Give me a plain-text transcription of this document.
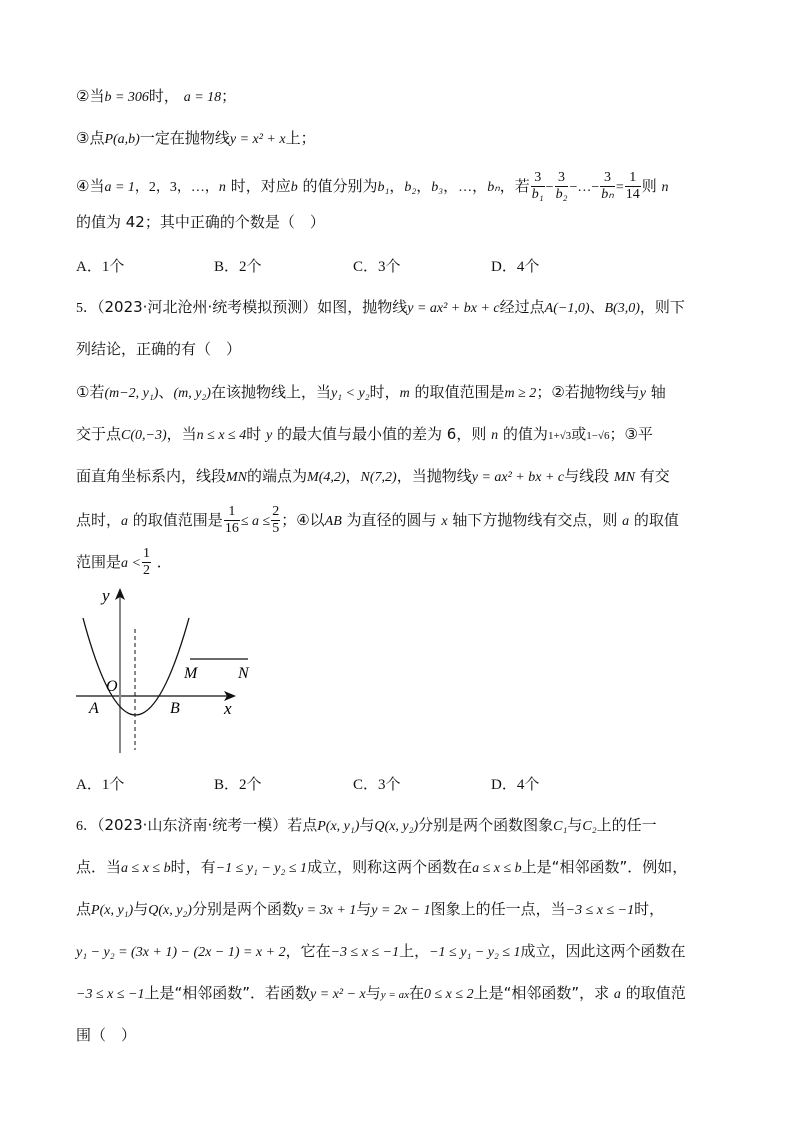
②当b = 306时， a = 18；
③点P(a,b)一定在抛物线y = x² + x上；
④当a = 1，2，3，…，n 时，对应b 的值分别为b₁，b₂，b₃，…，bₙ，若 $\frac{3}{\text{b₁}} - \frac{3}{\text{b₂}}$ −…− $\frac{3}{\text{bₙ}} = \frac{1}{14}$ 则 n
的值为 42；其中正确的个数是（　）
A．1个	B．2个	C．3个	D．4个
5．（2023·河北沧州·统考模拟预测）如图，抛物线y = ax² + bx + c经过点A(−1,0)、B(3,0)，则下
列结论，正确的有（　）
①若(m−2, y₁)、(m, y₂)在该抛物线上，当y₁ < y₂时，m 的取值范围是m ≥ 2；②若抛物线与y 轴
交于点C(0,−3)，当n ≤ x ≤ 4时 y 的最大值与最小值的差为 6，则 n 的值为1+√3或1−√6；③平
面直角坐标系内，线段MN的端点为M(4,2)，N(7,2)，当抛物线y = ax² + bx + c与线段 MN 有交
点时，a 的取值范围是 $\frac{1}{16} \le a \le \frac{2}{5}$ ；④以AB 为直径的圆与 x 轴下方抛物线有交点，则 a 的取值
范围是$a < \frac{1}{2}$ ．
y
x
O
A	B
M	N
A．1个	B．2个	C．3个	D．4个
6．（2023·山东济南·统考一模）若点P(x, y₁)与Q(x, y₂)分别是两个函数图象C₁与C₂上的任一
点．当a ≤ x ≤ b时，有−1 ≤ y₁ − y₂ ≤ 1成立，则称这两个函数在a ≤ x ≤ b上是“相邻函数”．例如，
点P(x, y₁)与Q(x, y₂)分别是两个函数y = 3x + 1与y = 2x − 1图象上的任一点，当−3 ≤ x ≤ −1时，
y₁ − y₂ = (3x + 1) − (2x − 1) = x + 2，它在−3 ≤ x ≤ −1上，−1 ≤ y₁ − y₂ ≤ 1成立，因此这两个函数在
−3 ≤ x ≤ −1上是“相邻函数”．若函数y = x² − x与y = ax在0 ≤ x ≤ 2上是“相邻函数”，求 a 的取值范
围（　）
